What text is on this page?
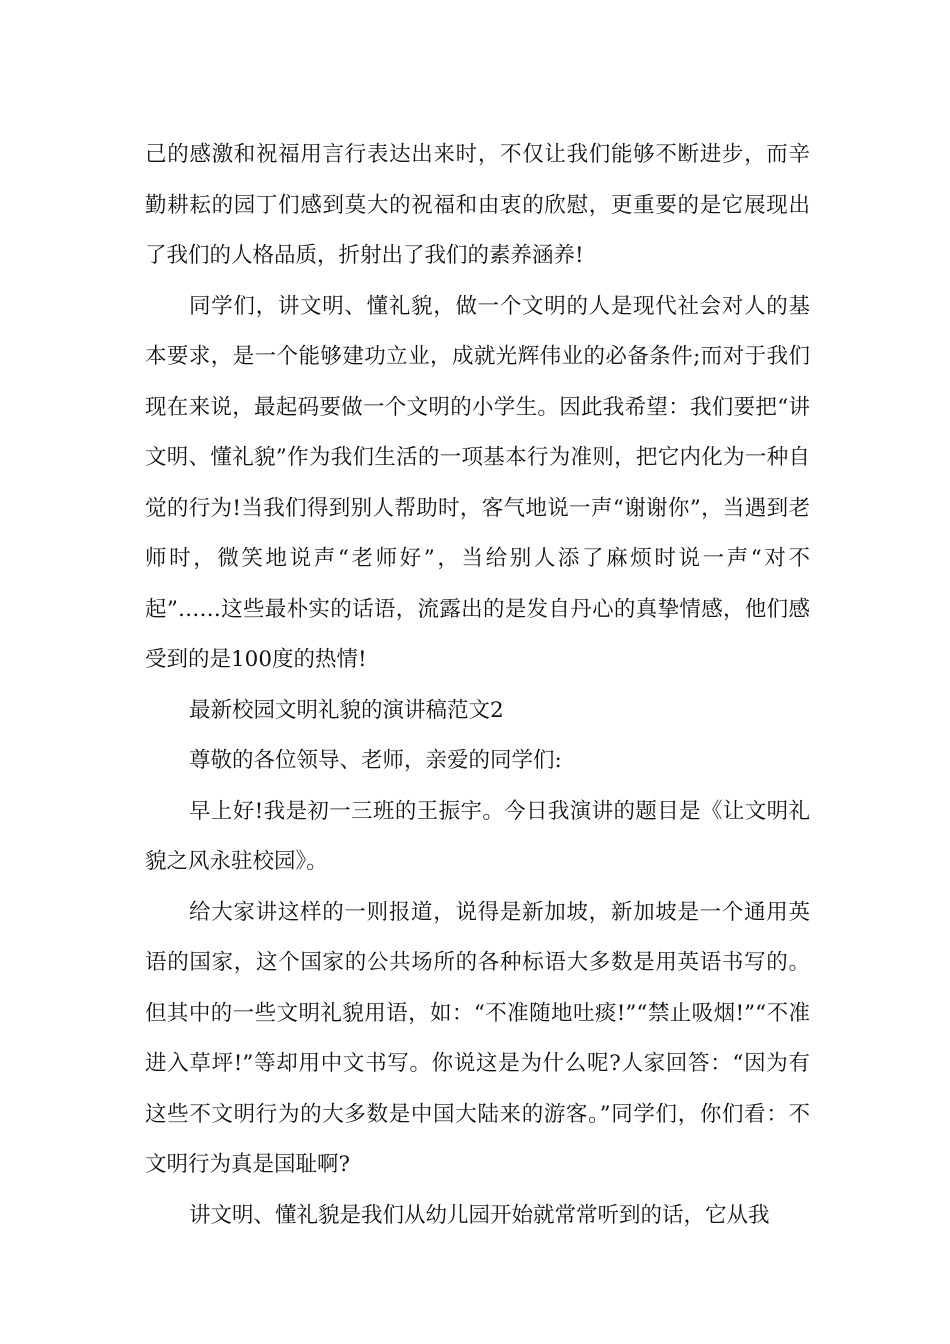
己的感激和祝福用言行表达出来时，不仅让我们能够不断进步，而辛勤耕耘的园丁们感到莫大的祝福和由衷的欣慰，更重要的是它展现出了我们的人格品质，折射出了我们的素养涵养!

同学们，讲文明、懂礼貌，做一个文明的人是现代社会对人的基本要求，是一个能够建功立业，成就光辉伟业的必备条件;而对于我们现在来说，最起码要做一个文明的小学生。因此我希望：我们要把“讲文明、懂礼貌”作为我们生活的一项基本行为准则，把它内化为一种自觉的行为!当我们得到别人帮助时，客气地说一声“谢谢你”，当遇到老师时，微笑地说声“老师好”，当给别人添了麻烦时说一声“对不起”……这些最朴实的话语，流露出的是发自丹心的真挚情感，他们感受到的是100度的热情!

最新校园文明礼貌的演讲稿范文2

尊敬的各位领导、老师，亲爱的同学们:

早上好!我是初一三班的王振宇。今日我演讲的题目是《让文明礼貌之风永驻校园》。

给大家讲这样的一则报道，说得是新加坡，新加坡是一个通用英语的国家，这个国家的公共场所的各种标语大多数是用英语书写的。但其中的一些文明礼貌用语，如：“不准随地吐痰!”“禁止吸烟!”“不准进入草坪!”等却用中文书写。你说这是为什么呢?人家回答：“因为有这些不文明行为的大多数是中国大陆来的游客。”同学们，你们看：不文明行为真是国耻啊?

讲文明、懂礼貌是我们从幼儿园开始就常常听到的话，它从我
